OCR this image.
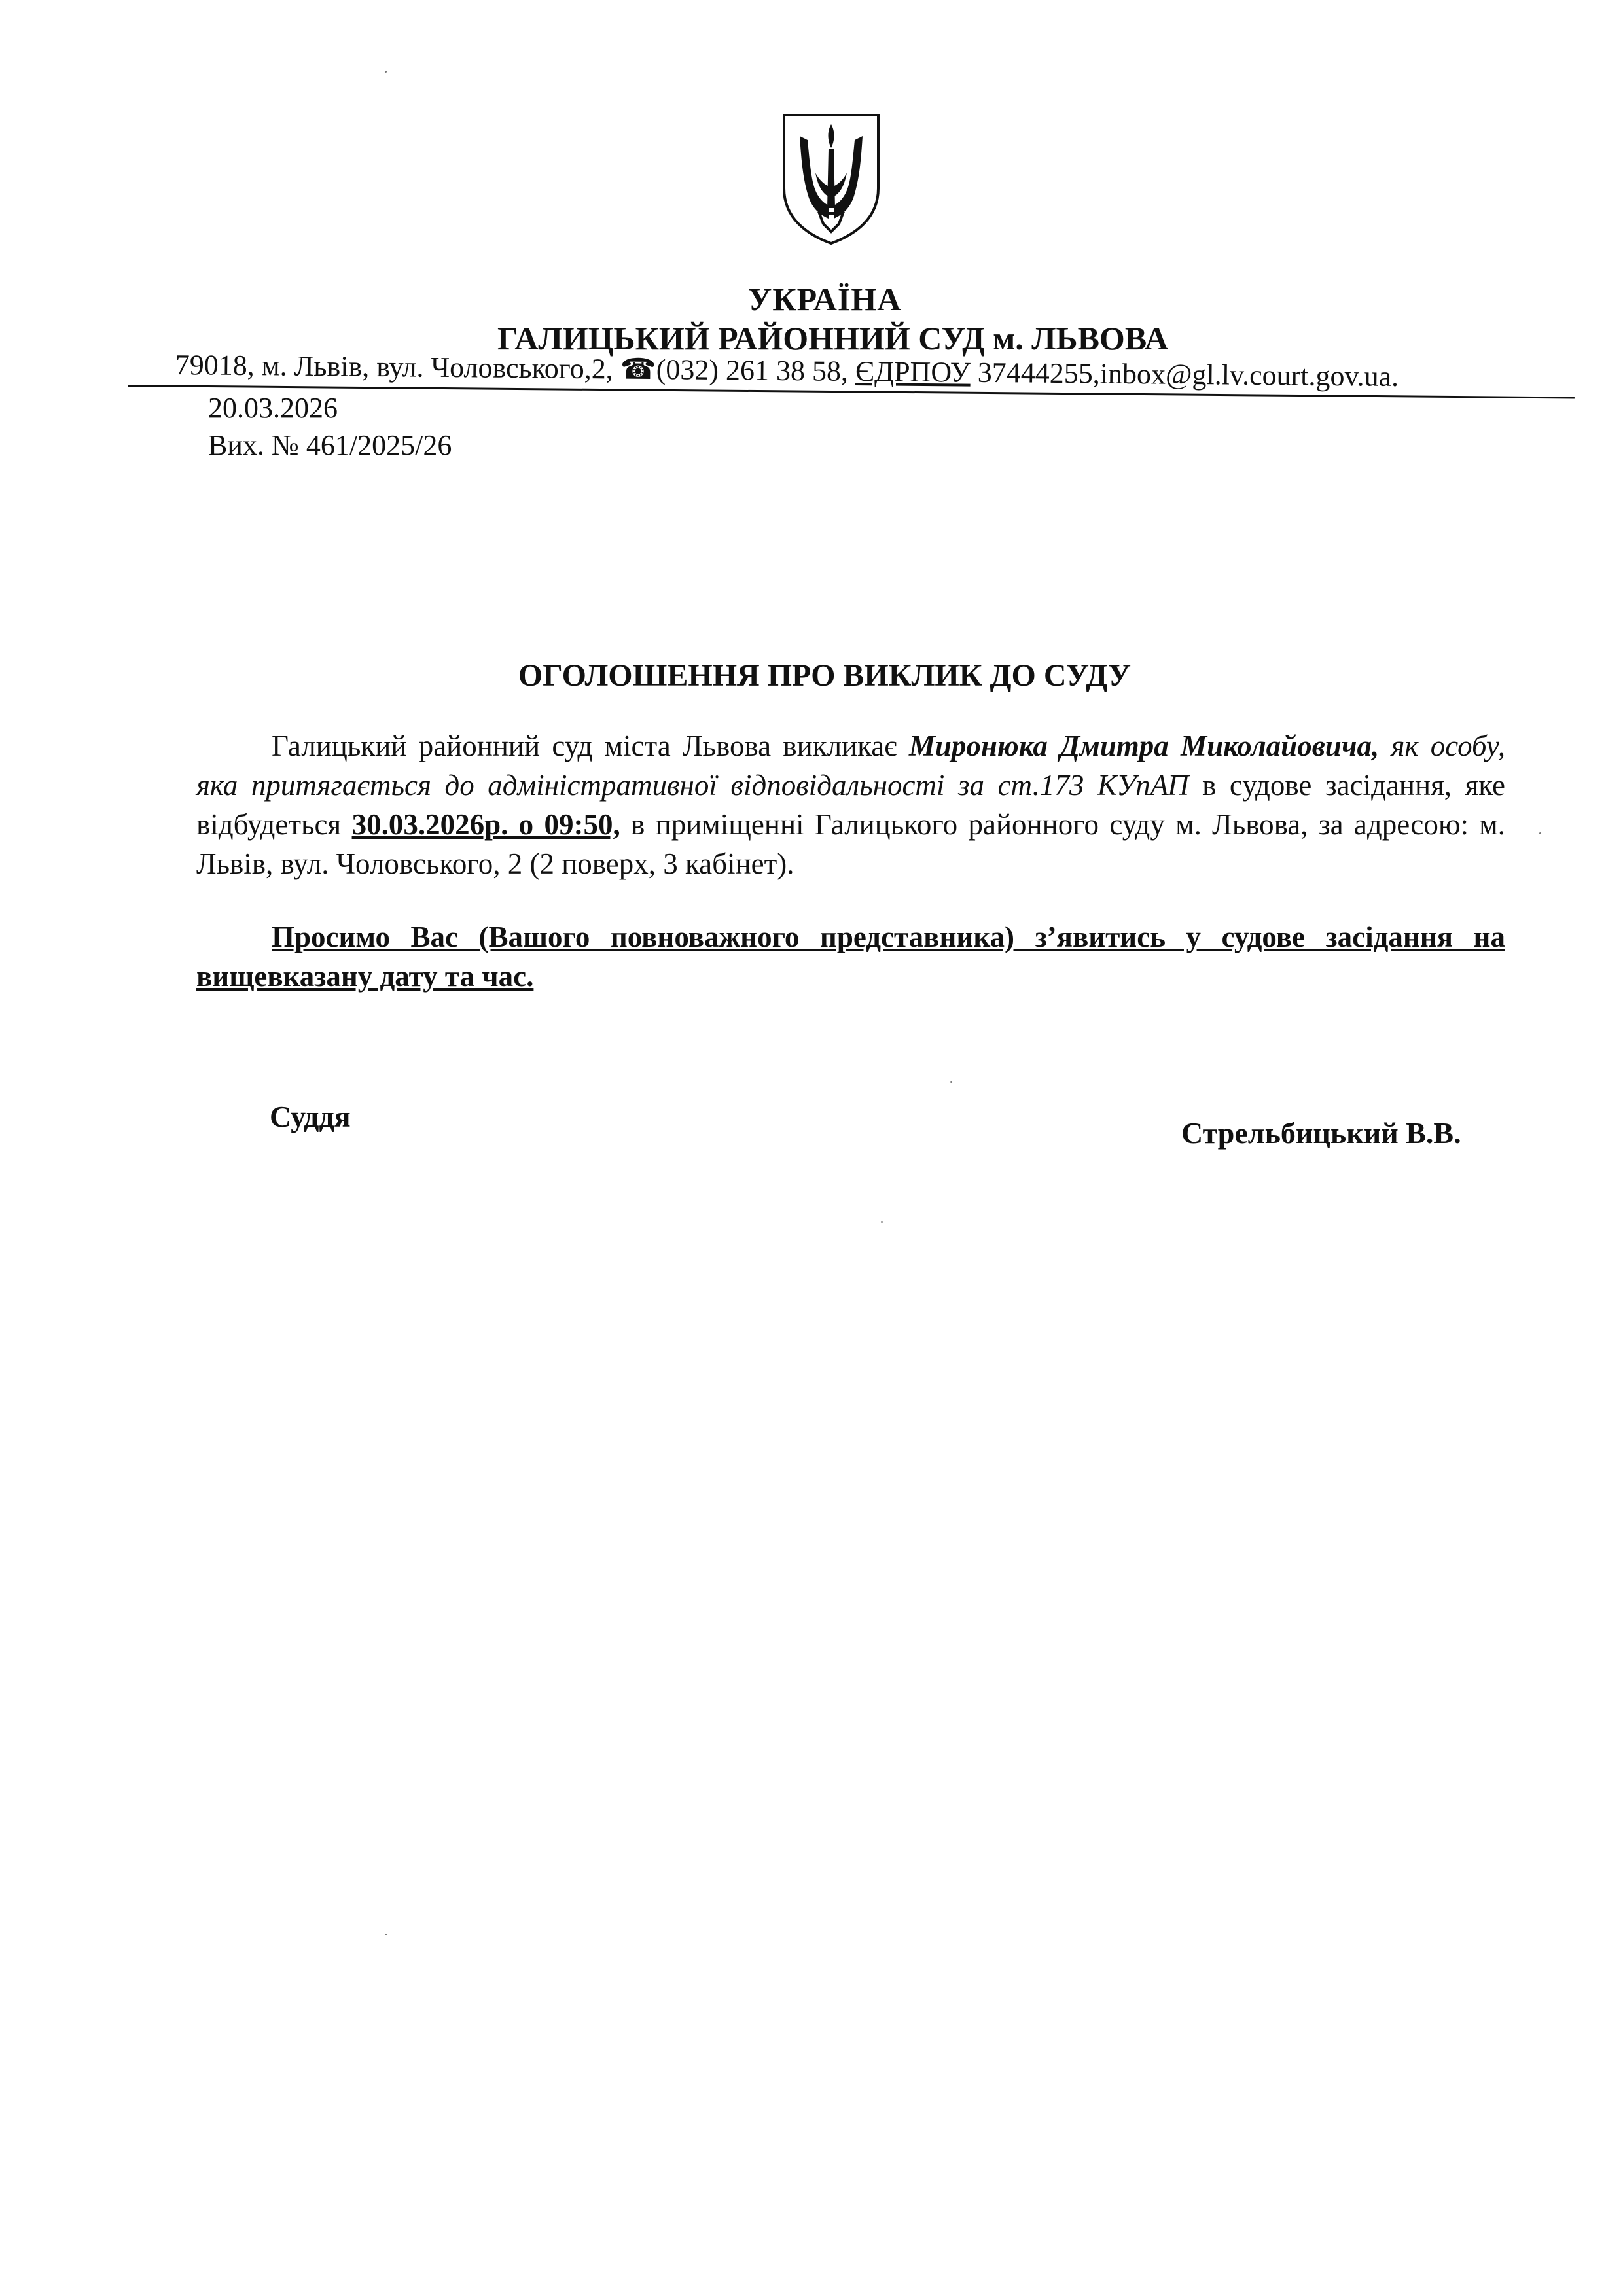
УКРАЇНА
ГАЛИЦЬКИЙ РАЙОННИЙ СУД м. ЛЬВОВА
79018, м. Львів, вул. Чоловського,2, ☎ (032) 261 38 58, ЄДРПОУ 37444255,inbox@gl.lv.court.gov.ua.
20.03.2026
Вих. № 461/2025/26
ОГОЛОШЕННЯ ПРО ВИКЛИК ДО СУДУ
Галицький районний суд міста Львова викликає Миронюка Дмитра Миколайовича, як особу, яка притягається до адміністративної відповідальності за ст.173 КУпАП в судове засідання, яке відбудеться 30.03.2026р. о 09:50, в приміщенні Галицького районного суду м. Львова, за адресою: м. Львів, вул. Чоловського, 2 (2 поверх, 3 кабінет).
Просимо Вас (Вашого повноважного представника) з’явитись у судове засідання на вищевказану дату та час.
Суддя	Стрельбицький В.В.
